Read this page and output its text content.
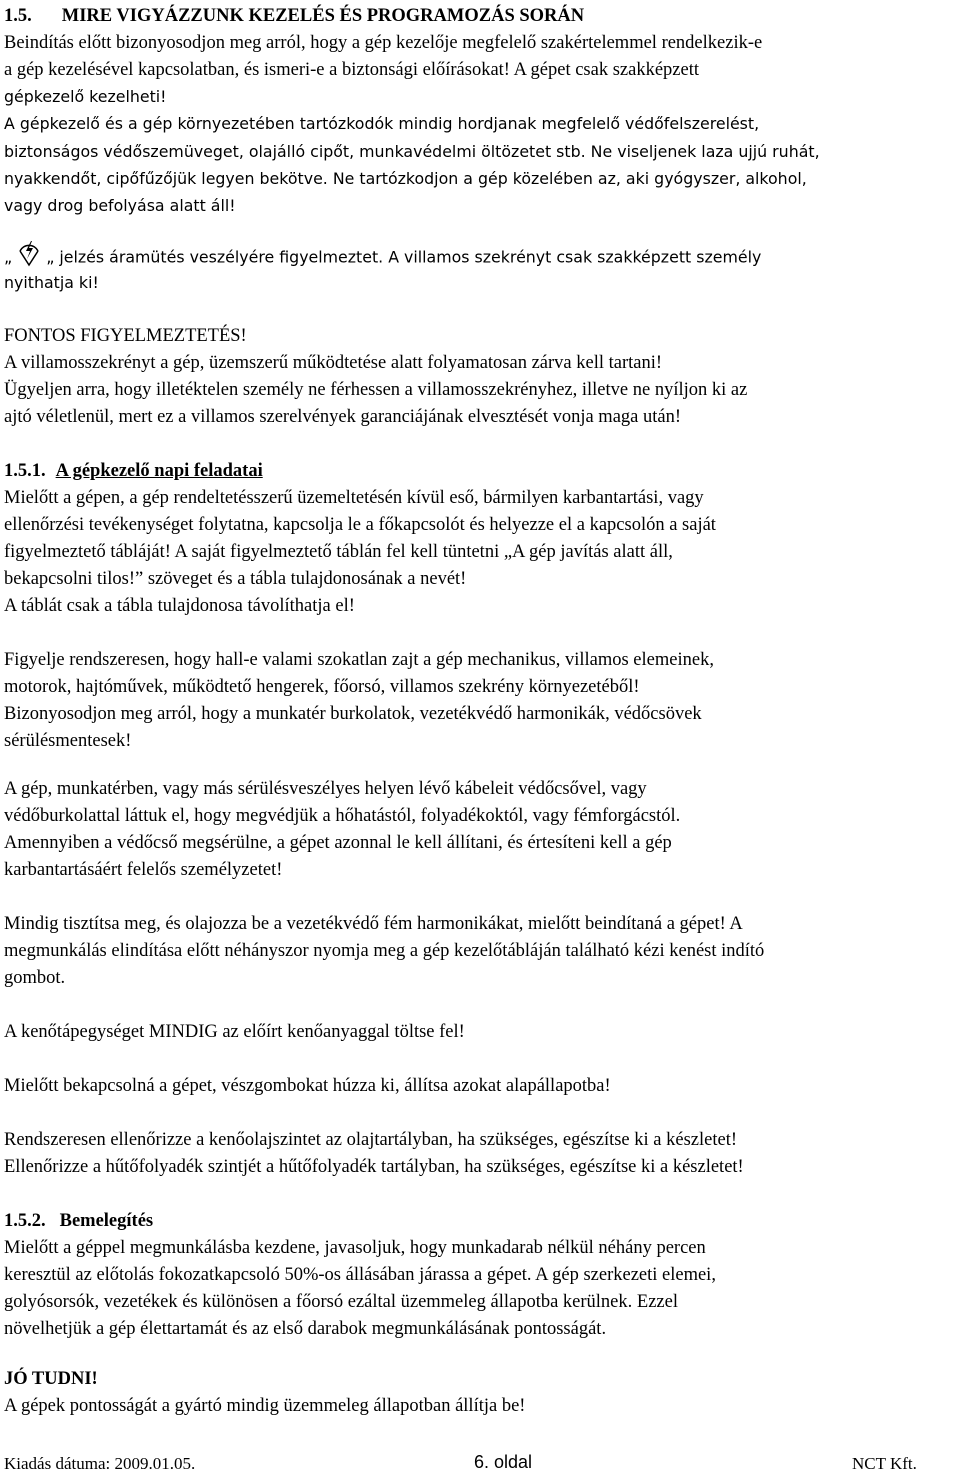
1.5. MIRE VIGYÁZZUNK KEZELÉS ÉS PROGRAMOZÁS SORÁN
Beindítás előtt bizonyosodjon meg arról, hogy a gép kezelője megfelelő szakértelemmel rendelkezik-e
a gép kezelésével kapcsolatban, és ismeri-e a biztonsági előírásokat! A gépet csak szakképzett
gépkezelő kezelheti!
A gépkezelő és a gép környezetében tartózkodók mindig hordjanak megfelelő védőfelszerelést,
biztonságos védőszemüveget, olajálló cipőt, munkavédelmi öltözetet stb. Ne viseljenek laza ujjú ruhát,
nyakkendőt, cipőfűzőjük legyen bekötve. Ne tartózkodjon a gép közelében az, aki gyógyszer, alkohol,
vagy drog befolyása alatt áll!
„ „ jelzés áramütés veszélyére figyelmeztet. A villamos szekrényt csak szakképzett személy
nyithatja ki!
FONTOS FIGYELMEZTETÉS!
A villamosszekrényt a gép, üzemszerű működtetése alatt folyamatosan zárva kell tartani!
Ügyeljen arra, hogy illetéktelen személy ne férhessen a villamosszekrényhez, illetve ne nyíljon ki az
ajtó véletlenül, mert ez a villamos szerelvények garanciájának elvesztését vonja maga után!
1.5.1. A gépkezelő napi feladatai
Mielőtt a gépen, a gép rendeltetésszerű üzemeltetésén kívül eső, bármilyen karbantartási, vagy
ellenőrzési tevékenységet folytatna, kapcsolja le a főkapcsolót és helyezze el a kapcsolón a saját
figyelmeztető tábláját! A saját figyelmeztető táblán fel kell tüntetni „A gép javítás alatt áll,
bekapcsolni tilos!” szöveget és a tábla tulajdonosának a nevét!
A táblát csak a tábla tulajdonosa távolíthatja el!
Figyelje rendszeresen, hogy hall-e valami szokatlan zajt a gép mechanikus, villamos elemeinek,
motorok, hajtóművek, működtető hengerek, főorsó, villamos szekrény környezetéből!
Bizonyosodjon meg arról, hogy a munkatér burkolatok, vezetékvédő harmonikák, védőcsövek
sérülésmentesek!
A gép, munkatérben, vagy más sérülésveszélyes helyen lévő kábeleit védőcsővel, vagy
védőburkolattal láttuk el, hogy megvédjük a hőhatástól, folyadékoktól, vagy fémforgácstól.
Amennyiben a védőcső megsérülne, a gépet azonnal le kell állítani, és értesíteni kell a gép
karbantartásáért felelős személyzetet!
Mindig tisztítsa meg, és olajozza be a vezetékvédő fém harmonikákat, mielőtt beindítaná a gépet! A
megmunkálás elindítása előtt néhányszor nyomja meg a gép kezelőtábláján található kézi kenést indító
gombot.
A kenőtápegységet MINDIG az előírt kenőanyaggal töltse fel!
Mielőtt bekapcsolná a gépet, vészgombokat húzza ki, állítsa azokat alapállapotba!
Rendszeresen ellenőrizze a kenőolajszintet az olajtartályban, ha szükséges, egészítse ki a készletet!
Ellenőrizze a hűtőfolyadék szintjét a hűtőfolyadék tartályban, ha szükséges, egészítse ki a készletet!
1.5.2. Bemelegítés
Mielőtt a géppel megmunkálásba kezdene, javasoljuk, hogy munkadarab nélkül néhány percen
keresztül az előtolás fokozatkapcsoló 50%-os állásában járassa a gépet. A gép szerkezeti elemei,
golyósorsók, vezetékek és különösen a főorsó ezáltal üzemmeleg állapotba kerülnek. Ezzel
növelhetjük a gép élettartamát és az első darabok megmunkálásának pontosságát.
JÓ TUDNI!
A gépek pontosságát a gyártó mindig üzemmeleg állapotban állítja be!
Kiadás dátuma: 2009.01.05.	6. oldal	NCT Kft.
